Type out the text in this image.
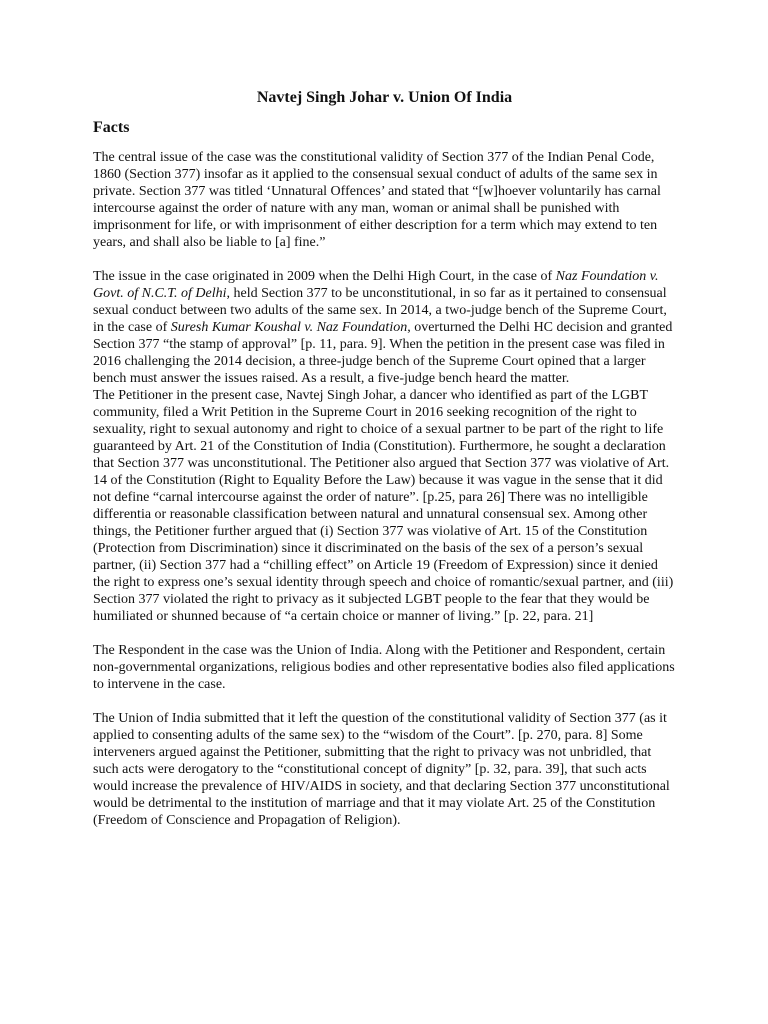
Navtej Singh Johar v. Union Of India
Facts

The central issue of the case was the constitutional validity of Section 377 of the Indian Penal Code, 1860 (Section 377) insofar as it applied to the consensual sexual conduct of adults of the same sex in private. Section 377 was titled ‘Unnatural Offences’ and stated that “[w]hoever voluntarily has carnal intercourse against the order of nature with any man, woman or animal shall be punished with imprisonment for life, or with imprisonment of either description for a term which may extend to ten years, and shall also be liable to [a] fine.”

The issue in the case originated in 2009 when the Delhi High Court, in the case of Naz Foundation v. Govt. of N.C.T. of Delhi, held Section 377 to be unconstitutional, in so far as it pertained to consensual sexual conduct between two adults of the same sex. In 2014, a two-judge bench of the Supreme Court, in the case of Suresh Kumar Koushal v. Naz Foundation, overturned the Delhi HC decision and granted Section 377 “the stamp of approval” [p. 11, para. 9]. When the petition in the present case was filed in 2016 challenging the 2014 decision, a three-judge bench of the Supreme Court opined that a larger bench must answer the issues raised. As a result, a five-judge bench heard the matter.

The Petitioner in the present case, Navtej Singh Johar, a dancer who identified as part of the LGBT community, filed a Writ Petition in the Supreme Court in 2016 seeking recognition of the right to sexuality, right to sexual autonomy and right to choice of a sexual partner to be part of the right to life guaranteed by Art. 21 of the Constitution of India (Constitution). Furthermore, he sought a declaration that Section 377 was unconstitutional. The Petitioner also argued that Section 377 was violative of Art. 14 of the Constitution (Right to Equality Before the Law) because it was vague in the sense that it did not define “carnal intercourse against the order of nature”. [p.25, para 26] There was no intelligible differentia or reasonable classification between natural and unnatural consensual sex. Among other things, the Petitioner further argued that (i) Section 377 was violative of Art. 15 of the Constitution (Protection from Discrimination) since it discriminated on the basis of the sex of a person’s sexual partner, (ii) Section 377 had a “chilling effect” on Article 19 (Freedom of Expression) since it denied the right to express one’s sexual identity through speech and choice of romantic/sexual partner, and (iii) Section 377 violated the right to privacy as it subjected LGBT people to the fear that they would be humiliated or shunned because of “a certain choice or manner of living.” [p. 22, para. 21]

The Respondent in the case was the Union of India. Along with the Petitioner and Respondent, certain non-governmental organizations, religious bodies and other representative bodies also filed applications to intervene in the case.

The Union of India submitted that it left the question of the constitutional validity of Section 377 (as it applied to consenting adults of the same sex) to the “wisdom of the Court”. [p. 270, para. 8] Some interveners argued against the Petitioner, submitting that the right to privacy was not unbridled, that such acts were derogatory to the “constitutional concept of dignity” [p. 32, para. 39], that such acts would increase the prevalence of HIV/AIDS in society, and that declaring Section 377 unconstitutional would be detrimental to the institution of marriage and that it may violate Art. 25 of the Constitution (Freedom of Conscience and Propagation of Religion).
